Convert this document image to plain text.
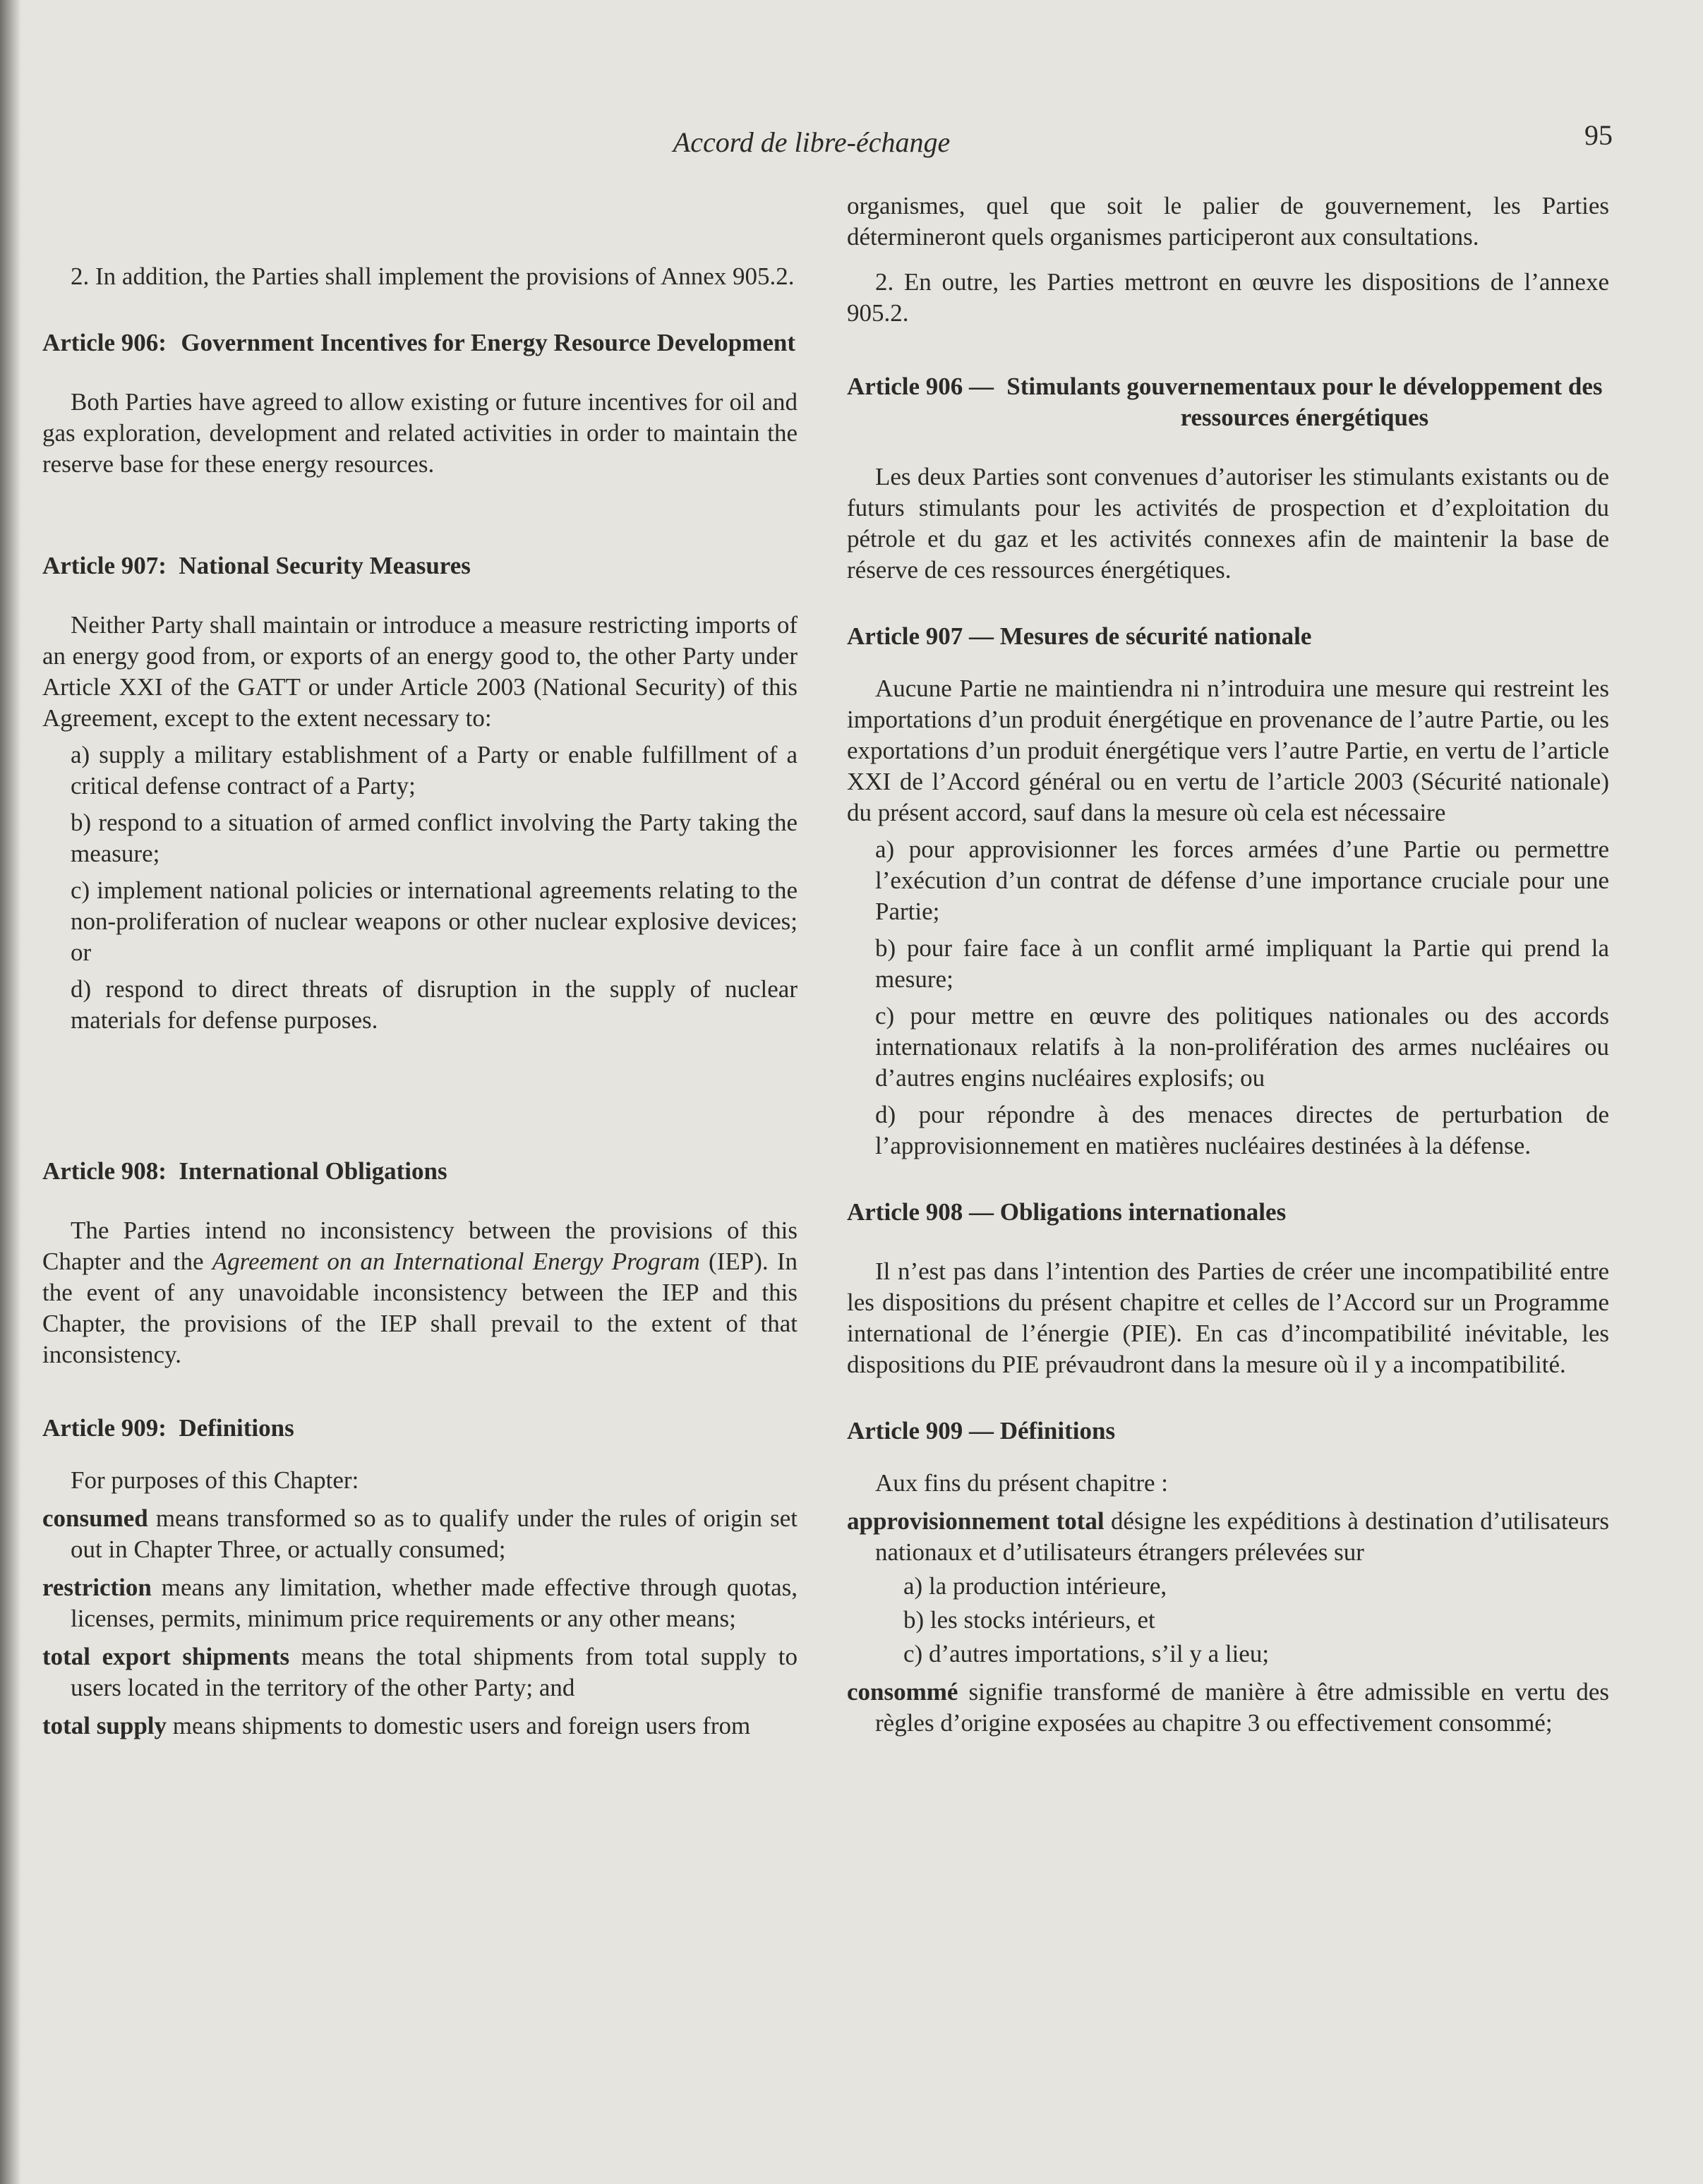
Accord de libre-échange	95

2. In addition, the Parties shall implement the provisions of Annex 905.2.

Article 906:
Government Incentives for Energy Resource Development

Both Parties have agreed to allow existing or future incentives for oil and gas exploration, development and related activities in order to maintain the reserve base for these energy resources.

Article 907:
National Security Measures

Neither Party shall maintain or introduce a measure restricting imports of an energy good from, or exports of an energy good to, the other Party under Article XXI of the GATT or under Article 2003 (National Security) of this Agreement, except to the extent necessary to:

a) supply a military establishment of a Party or enable fulfillment of a critical defense contract of a Party;
b) respond to a situation of armed conflict involving the Party taking the measure;
c) implement national policies or international agreements relating to the non-proliferation of nuclear weapons or other nuclear explosive devices; or
d) respond to direct threats of disruption in the supply of nuclear materials for defense purposes.
Article 908:
International Obligations

The Parties intend no inconsistency between the provisions of this Chapter and the Agreement on an International Energy Program (IEP). In the event of any unavoidable inconsistency between the IEP and this Chapter, the provisions of the IEP shall prevail to the extent of that inconsistency.

Article 909:
Definitions

For purposes of this Chapter:

consumed means transformed so as to qualify under the rules of origin set out in Chapter Three, or actually consumed;
restriction means any limitation, whether made effective through quotas, licenses, permits, minimum price requirements or any other means;
total export shipments means the total shipments from total supply to users located in the territory of the other Party; and
total supply means shipments to domestic users and foreign users from

organismes, quel que soit le palier de gouvernement, les Parties détermineront quels organismes participeront aux consultations.

2. En outre, les Parties mettront en œuvre les dispositions de l’annexe 905.2.

Article 906 — Stimulants gouvernementaux pour le développement des ressources énergétiques

Les deux Parties sont convenues d’autoriser les stimulants existants ou de futurs stimulants pour les activités de prospection et d’exploitation du pétrole et du gaz et les activités connexes afin de maintenir la base de réserve de ces ressources énergétiques.

Article 907 — Mesures de sécurité nationale

Aucune Partie ne maintiendra ni n’introduira une mesure qui restreint les importations d’un produit énergétique en provenance de l’autre Partie, ou les exportations d’un produit énergétique vers l’autre Partie, en vertu de l’article XXI de l’Accord général ou en vertu de l’article 2003 (Sécurité nationale) du présent accord, sauf dans la mesure où cela est nécessaire

a) pour approvisionner les forces armées d’une Partie ou permettre l’exécution d’un contrat de défense d’une importance cruciale pour une Partie;
b) pour faire face à un conflit armé impliquant la Partie qui prend la mesure;
c) pour mettre en œuvre des politiques nationales ou des accords internationaux relatifs à la non-prolifération des armes nucléaires ou d’autres engins nucléaires explosifs; ou
d) pour répondre à des menaces directes de perturbation de l’approvisionnement en matières nucléaires destinées à la défense.
Article 908 — Obligations internationales

Il n’est pas dans l’intention des Parties de créer une incompatibilité entre les dispositions du présent chapitre et celles de l’Accord sur un Programme international de l’énergie (PIE). En cas d’incompatibilité inévitable, les dispositions du PIE prévaudront dans la mesure où il y a incompatibilité.

Article 909 — Définitions

Aux fins du présent chapitre :

approvisionnement total désigne les expéditions à destination d’utilisateurs nationaux et d’utilisateurs étrangers prélevées sur
a) la production intérieure,
b) les stocks intérieurs, et
c) d’autres importations, s’il y a lieu;
consommé signifie transformé de manière à être admissible en vertu des règles d’origine exposées au chapitre 3 ou effectivement consommé;
